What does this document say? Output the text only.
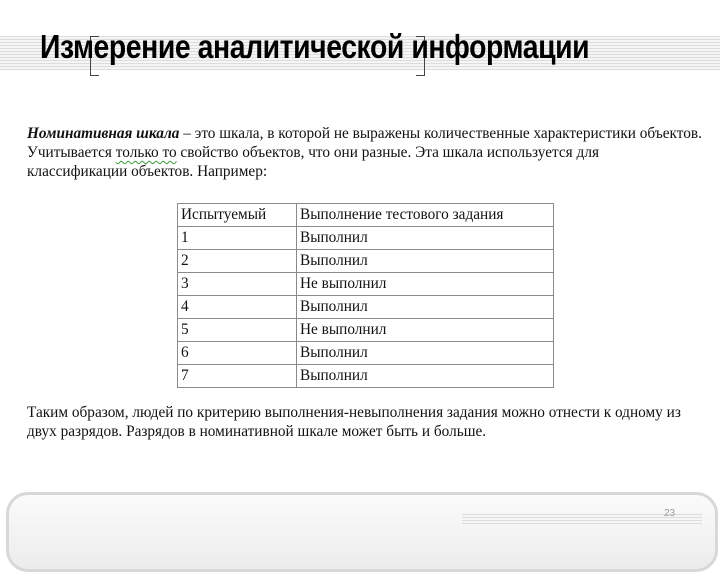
Измерение аналитической информации
Номинативная шкала – это шкала, в которой не выражены количественные характеристики объектов. Учитывается только то свойство объектов, что они разные. Эта шкала используется для классификации объектов. Например:
Испытуемый	Выполнение тестового задания
1	Выполнил
2	Выполнил
3	Не выполнил
4	Выполнил
5	Не выполнил
6	Выполнил
7	Выполнил
Таким образом, людей по критерию выполнения-невыполнения задания можно отнести к одному из двух разрядов. Разрядов в номинативной шкале может быть и больше.
23
